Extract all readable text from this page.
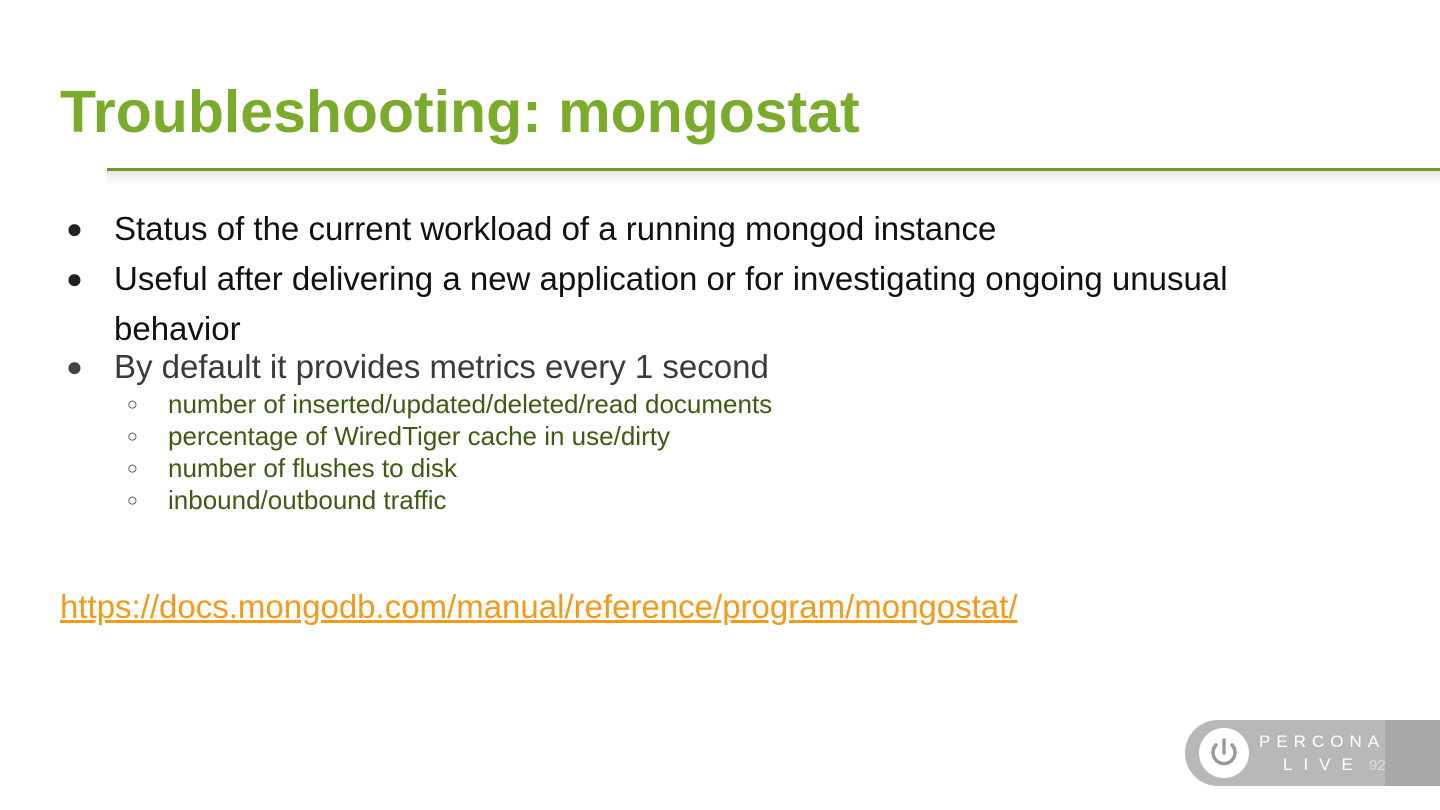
Troubleshooting: mongostat
● Status of the current workload of a running mongod instance
● Useful after delivering a new application or for investigating ongoing unusual behavior
● By default it provides metrics every 1 second
○ number of inserted/updated/deleted/read documents
○ percentage of WiredTiger cache in use/dirty
○ number of flushes to disk
○ inbound/outbound traffic
https://docs.mongodb.com/manual/reference/program/mongostat/
PERCONA
LIVE 92
